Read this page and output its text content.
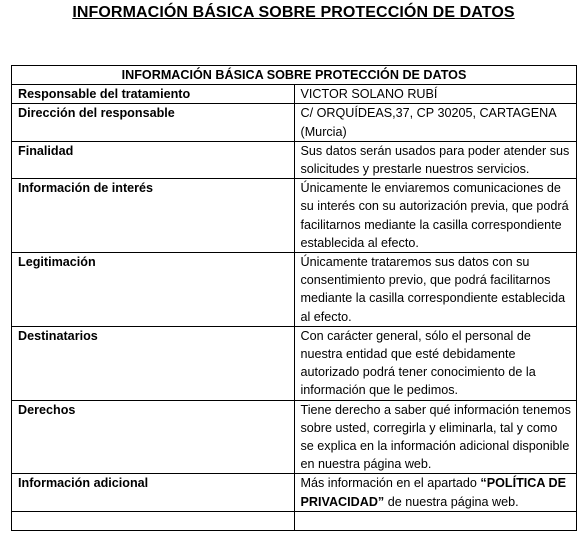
INFORMACIÓN BÁSICA SOBRE PROTECCIÓN DE DATOS
INFORMACIÓN BÁSICA SOBRE PROTECCIÓN DE DATOS	
Responsable del tratamiento	VICTOR SOLANO RUBÍ
Dirección del responsable	C/ ORQUÍDEAS,37, CP 30205, CARTAGENA (Murcia)
Finalidad	Sus datos serán usados para poder atender sus solicitudes y prestarle nuestros servicios.
Información de interés	Únicamente le enviaremos comunicaciones de su interés con su autorización previa, que podrá facilitarnos mediante la casilla correspondiente establecida al efecto.
Legitimación	Únicamente trataremos sus datos con su consentimiento previo, que podrá facilitarnos mediante la casilla correspondiente establecida al efecto.
Destinatarios	Con carácter general, sólo el personal de nuestra entidad que esté debidamente autorizado podrá tener conocimiento de la información que le pedimos.
Derechos	Tiene derecho a saber qué información tenemos sobre usted, corregirla y eliminarla, tal y como se explica en la información adicional disponible en nuestra página web.
Información adicional	Más información en el apartado “POLÍTICA DE PRIVACIDAD” de nuestra página web.
